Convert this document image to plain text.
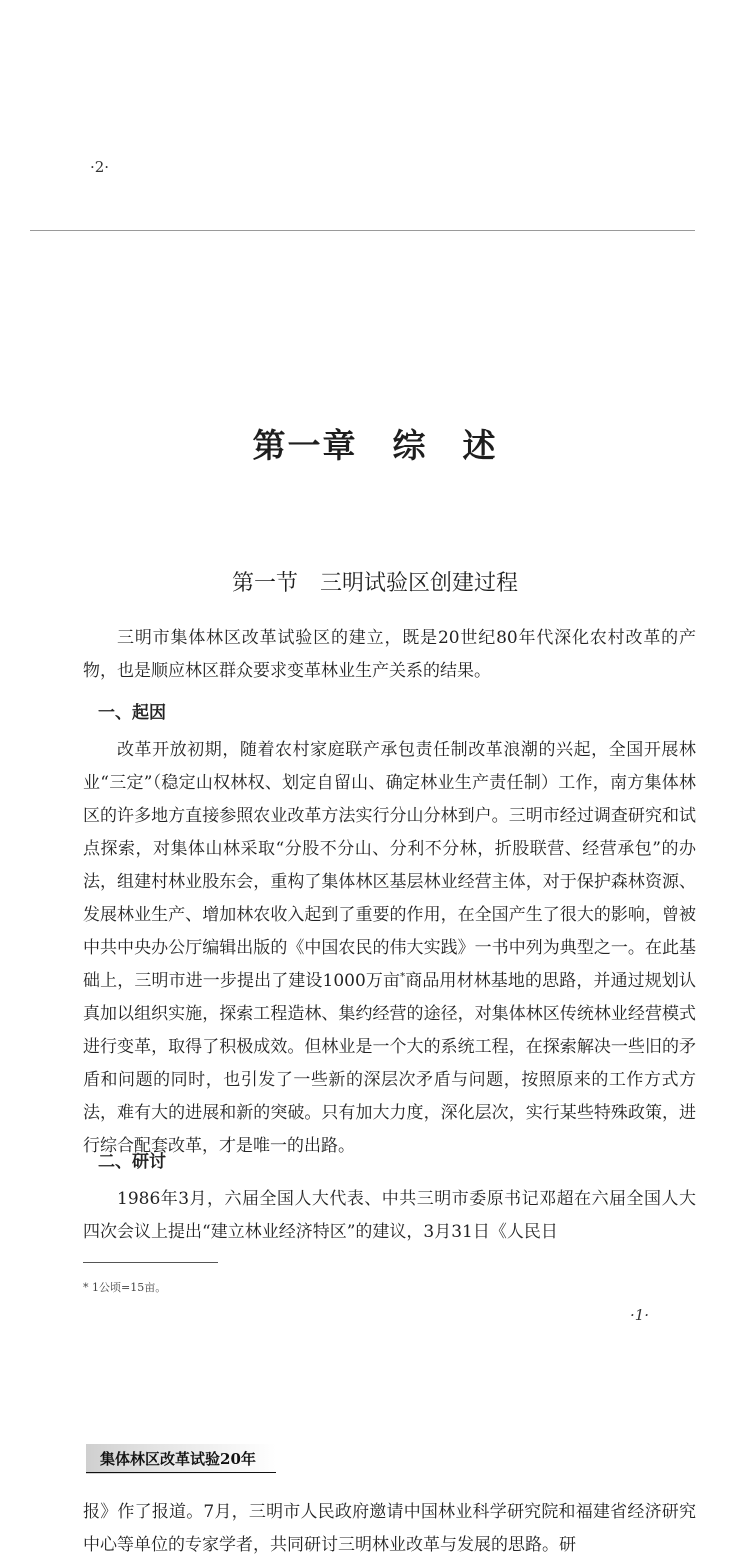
·2·
第一章　综　述
第一节　三明试验区创建过程
三明市集体林区改革试验区的建立，既是20世纪80年代深化农村改革的产物，也是顺应林区群众要求变革林业生产关系的结果。
一、起因
改革开放初期，随着农村家庭联产承包责任制改革浪潮的兴起，全国开展林业“三定”（稳定山权林权、划定自留山、确定林业生产责任制）工作，南方集体林区的许多地方直接参照农业改革方法实行分山分林到户。三明市经过调查研究和试点探索，对集体山林采取“分股不分山、分利不分林，折股联营、经营承包”的办法，组建村林业股东会，重构了集体林区基层林业经营主体，对于保护森林资源、发展林业生产、增加林农收入起到了重要的作用，在全国产生了很大的影响，曾被中共中央办公厅编辑出版的《中国农民的伟大实践》一书中列为典型之一。在此基础上，三明市进一步提出了建设1000万亩*商品用材林基地的思路，并通过规划认真加以组织实施，探索工程造林、集约经营的途径，对集体林区传统林业经营模式进行变革，取得了积极成效。但林业是一个大的系统工程，在探索解决一些旧的矛盾和问题的同时，也引发了一些新的深层次矛盾与问题，按照原来的工作方式方法，难有大的进展和新的突破。只有加大力度，深化层次，实行某些特殊政策，进行综合配套改革，才是唯一的出路。
二、研讨
1986年3月，六届全国人大代表、中共三明市委原书记邓超在六届全国人大四次会议上提出“建立林业经济特区”的建议，3月31日《人民日
* 1公顷=15亩。
·1·
集体林区改革试验20年
报》作了报道。7月，三明市人民政府邀请中国林业科学研究院和福建省经济研究中心等单位的专家学者，共同研讨三明林业改革与发展的思路。研
